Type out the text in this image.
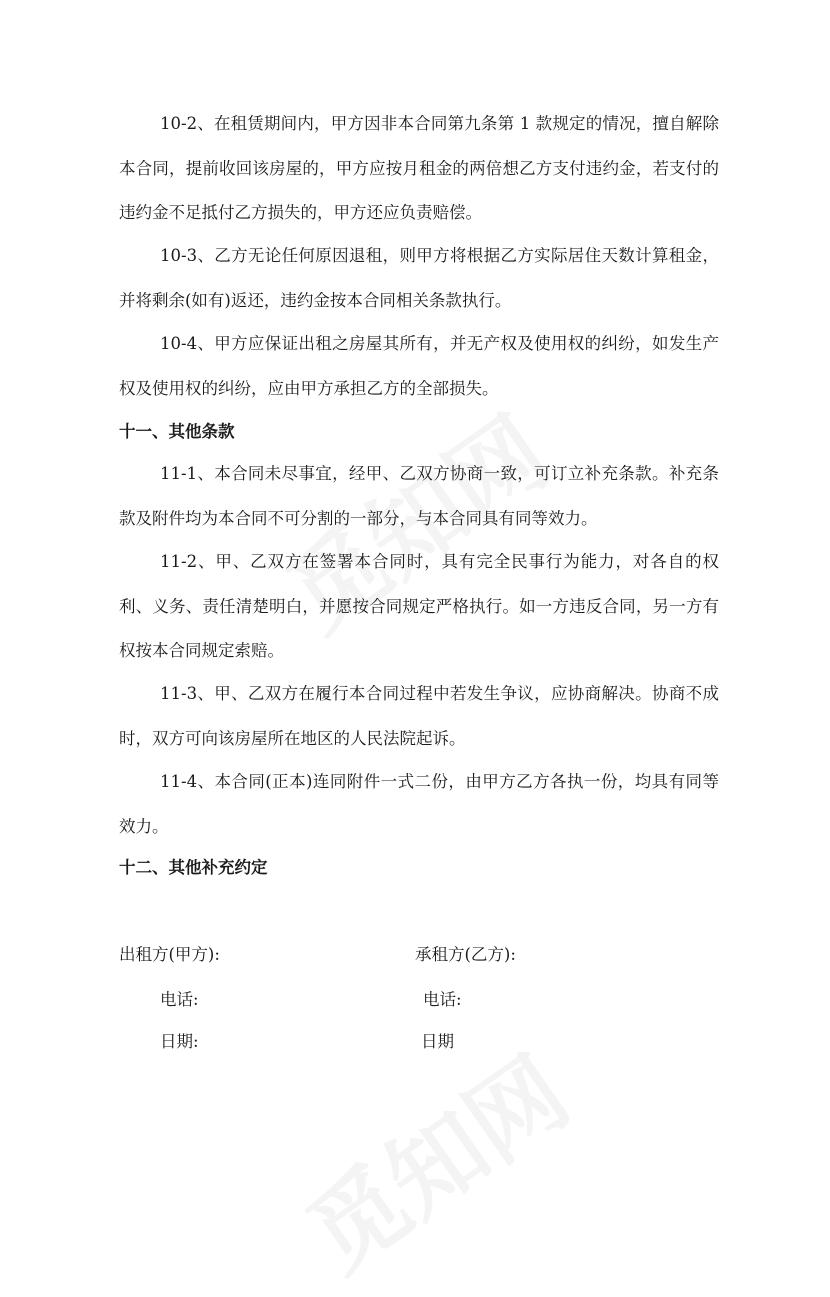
10-2、在租赁期间内，甲方因非本合同第九条第 1 款规定的情况，擅自解除本合同，提前收回该房屋的，甲方应按月租金的两倍想乙方支付违约金，若支付的违约金不足抵付乙方损失的，甲方还应负责赔偿。
10-3、乙方无论任何原因退租，则甲方将根据乙方实际居住天数计算租金，并将剩余(如有)返还，违约金按本合同相关条款执行。
10-4、甲方应保证出租之房屋其所有，并无产权及使用权的纠纷，如发生产权及使用权的纠纷，应由甲方承担乙方的全部损失。
十一、其他条款
11-1、本合同未尽事宜，经甲、乙双方协商一致，可订立补充条款。补充条款及附件均为本合同不可分割的一部分，与本合同具有同等效力。
11-2、甲、乙双方在签署本合同时，具有完全民事行为能力，对各自的权利、义务、责任清楚明白，并愿按合同规定严格执行。如一方违反合同，另一方有权按本合同规定索赔。
11-3、甲、乙双方在履行本合同过程中若发生争议，应协商解决。协商不成时，双方可向该房屋所在地区的人民法院起诉。
11-4、本合同(正本)连同附件一式二份，由甲方乙方各执一份，均具有同等效力。
十二、其他补充约定
出租方(甲方):	承租方(乙方):
电话:	电话:
日期:	日期
